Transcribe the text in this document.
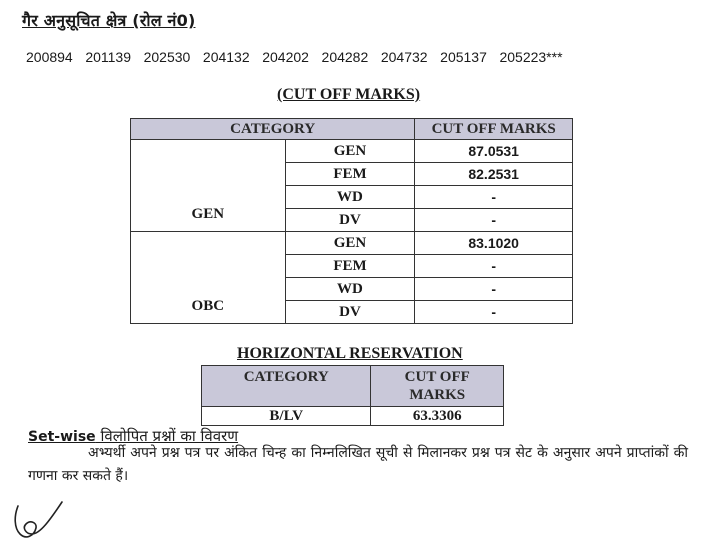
गैर अनुसूचित क्षेत्र (रोल नं0)
200894 201139 202530 204132 204202 204282 204732 205137 205223***
(CUT OFF MARKS)
CATEGORY		CUT OFF MARKS
GEN	GEN	87.0531
	FEM	82.2531
	WD	-
	DV	-
OBC	GEN	83.1020
	FEM	-
	WD	-
	DV	-
HORIZONTAL RESERVATION
CATEGORY	CUT OFF
MARKS

B/LV	63.3306
Set-wise विलोपित प्रश्नों का विवरण
अभ्यर्थी अपने प्रश्न पत्र पर अंकित चिन्ह का निम्नलिखित सूची से मिलानकर प्रश्न पत्र सेट के अनुसार अपने प्राप्तांकों की गणना कर सकते हैं।
